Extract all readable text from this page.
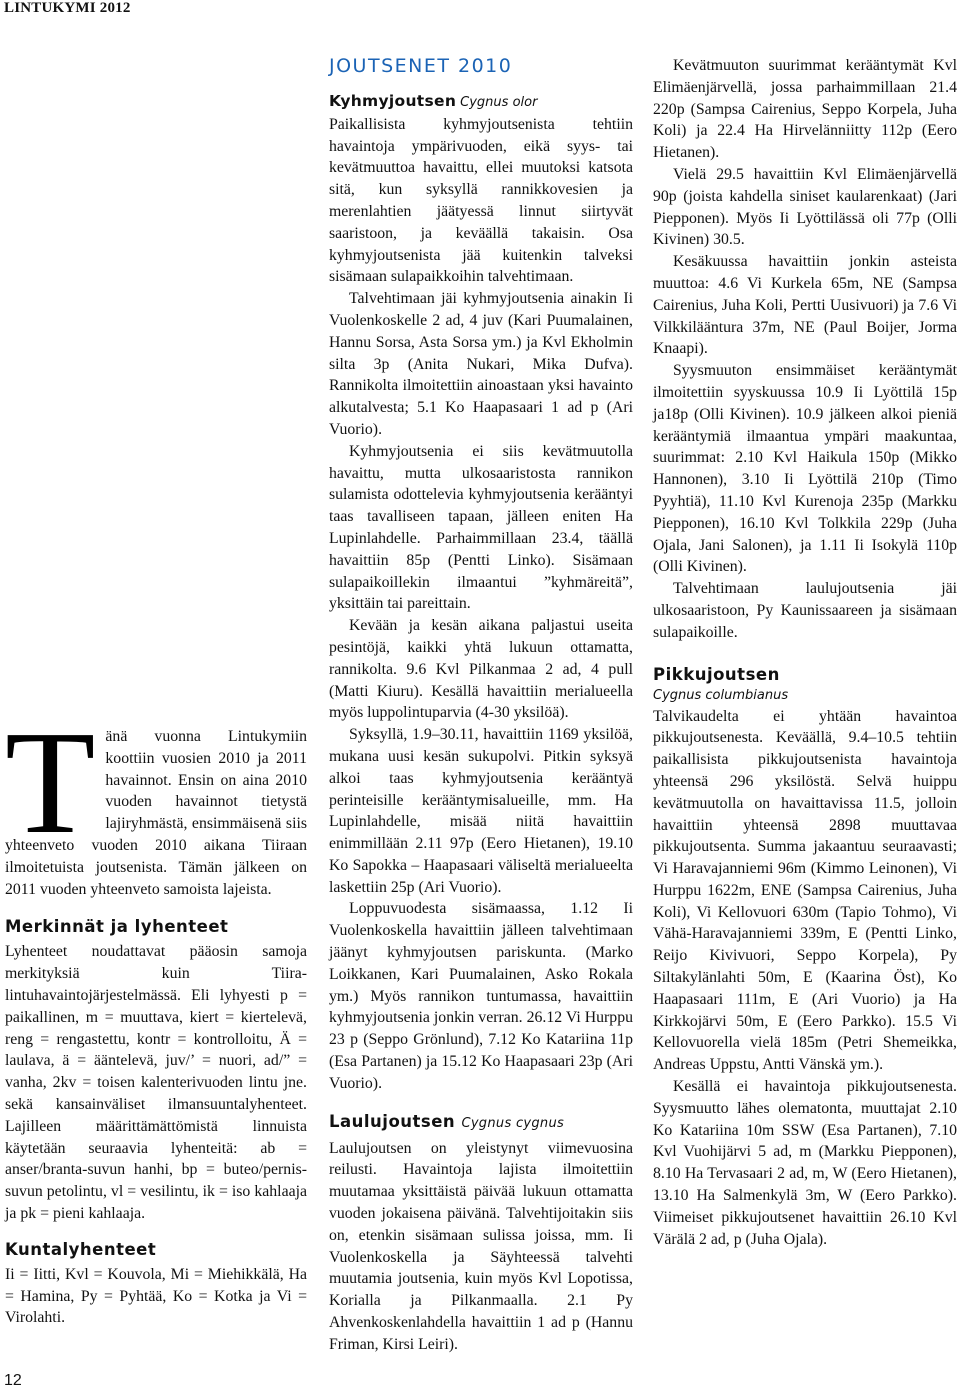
LINTUKYMI 2012
T änä vuonna Lintukymiin koottiin vuosien 2010 ja 2011 havainnot. Ensin on aina 2010 vuoden havainnot tietystä lajiryhmästä, ensimmäisenä siis yhteenveto vuoden 2010 aikana Tiiraan ilmoitetuista joutsenista. Tämän jälkeen on 2011 vuoden yhteenveto samoista lajeista.
Merkinnät ja lyhenteet

Lyhenteet noudattavat pääosin samoja merkityksiä kuin Tiira- lintuhavaintojärjestelmässä. Eli lyhyesti p = paikallinen, m = muuttava, kiert = kiertelevä, reng = rengastettu, kontr = kontrolloitu, Ä = laulava, ä = ääntelevä, juv/’ = nuori, ad/” = vanha, 2kv = toisen kalenterivuoden lintu jne. sekä kansainväliset ilmansuuntalyhenteet. Lajilleen määrittämättömistä linnuista käytetään seuraavia lyhenteitä: ab = anser/branta-suvun hanhi, bp = buteo/pernis-suvun petolintu, vl = vesilintu, ik = iso kahlaaja ja pk = pieni kahlaaja.

Kuntalyhenteet

Ii = Iitti, Kvl = Kouvola, Mi = Miehikkälä, Ha = Hamina, Py = Pyhtää, Ko = Kotka ja Vi = Virolahti.

JOUTSENET 2010

Kyhmyjoutsen Cygnus olor
Paikallisista kyhmyjoutsenista tehtiin havaintoja ympärivuoden, eikä syys- tai kevätmuuttoa havaittu, ellei muutoksi katsota sitä, kun syksyllä rannikkovesien ja merenlahtien jäätyessä linnut siirtyvät saaristoon, ja keväällä takaisin. Osa kyhmyjoutsenista jää kuitenkin talveksi sisämaan sulapaikkoihin talvehtimaan.

Talvehtimaan jäi kyhmyjoutsenia ainakin Ii Vuolenkoskelle 2 ad, 4 juv (Kari Puumalainen, Hannu Sorsa, Asta Sorsa ym.) ja Kvl Ekholmin silta 3p (Anita Nukari, Mika Dufva). Rannikolta ilmoitettiin ainoastaan yksi havainto alkutalvesta; 5.1 Ko Haapasaari 1 ad p (Ari Vuorio).

Kyhmyjoutsenia ei siis kevätmuutolla havaittu, mutta ulkosaaristosta rannikon sulamista odottelevia kyhmyjoutsenia kerääntyi taas tavalliseen tapaan, jälleen eniten Ha Lupinlahdelle. Parhaimmillaan 23.4, täällä havaittiin 85p (Pentti Linko). Sisämaan sulapaikoillekin ilmaantui ”kyhmäreitä”, yksittäin tai pareittain.

Kevään ja kesän aikana paljastui useita pesintöjä, kaikki yhtä lukuun ottamatta, rannikolta. 9.6 Kvl Pilkanmaa 2 ad, 4 pull (Matti Kiuru). Kesällä havaittiin merialueella myös luppolintuparvia (4-30 yksilöä).

Syksyllä, 1.9–30.11, havaittiin 1169 yksilöä, mukana uusi kesän sukupolvi. Pitkin syksyä alkoi taas kyhmyjoutsenia kerääntyä perinteisille kerääntymisalueille, mm. Ha Lupinlahdelle, misää niitä havaittiin enimmillään 2.11 97p (Eero Hietanen), 19.10 Ko Sapokka – Haapasaari väliseltä merialueelta laskettiin 25p (Ari Vuorio).

Loppuvuodesta sisämaassa, 1.12 Ii Vuolenkoskella havaittiin jälleen talvehtimaan jäänyt kyhmyjoutsen pariskunta. (Marko Loikkanen, Kari Puumalainen, Asko Rokala ym.) Myös rannikon tuntumassa, havaittiin kyhmyjoutsenia jonkin verran. 26.12 Vi Hurppu 23 p (Seppo Grönlund), 7.12 Ko Katariina 11p (Esa Partanen) ja 15.12 Ko Haapasaari 23p (Ari Vuorio).

Laulujoutsen Cygnus cygnus

Laulujoutsen on yleistynyt viimevuosina reilusti. Havaintoja lajista ilmoitettiin muutamaa yksittäistä päivää lukuun ottamatta vuoden jokaisena päivänä. Talvehtijoitakin siis on, etenkin sisämaan sulissa joissa, mm. Ii Vuolenkoskella ja Säyhteessä talvehti muutamia joutsenia, kuin myös Kvl Lopotissa, Korialla ja Pilkanmaalla. 2.1 Py Ahvenkoskenlahdella havaittiin 1 ad p (Hannu Friman, Kirsi Leiri).

Kevätmuuton suurimmat kerääntymät Kvl Elimäenjärvellä, jossa parhaimmillaan 21.4 220p (Sampsa Cairenius, Seppo Korpela, Juha Koli) ja 22.4 Ha Hirvelänniitty 112p (Eero Hietanen).

Vielä 29.5 havaittiin Kvl Elimäenjärvellä 90p (joista kahdella siniset kaularenkaat) (Jari Piepponen). Myös Ii Lyöttilässä oli 77p (Olli Kivinen) 30.5.

Kesäkuussa havaittiin jonkin asteista muuttoa: 4.6 Vi Kurkela 65m, NE (Sampsa Cairenius, Juha Koli, Pertti Uusivuori) ja 7.6 Vi Vilkkilääntura 37m, NE (Paul Boijer, Jorma Knaapi).

Syysmuuton ensimmäiset kerääntymät ilmoitettiin syyskuussa 10.9 Ii Lyöttilä 15p ja18p (Olli Kivinen). 10.9 jälkeen alkoi pieniä kerääntymiä ilmaantua ympäri maakuntaa, suurimmat: 2.10 Kvl Haikula 150p (Mikko Hannonen), 3.10 Ii Lyöttilä 210p (Timo Pyyhtiä), 11.10 Kvl Kurenoja 235p (Markku Piepponen), 16.10 Kvl Tolkkila 229p (Juha Ojala, Jani Salonen), ja 1.11 Ii Isokylä 110p (Olli Kivinen).

Talvehtimaan laulujoutsenia jäi ulkosaaristoon, Py Kaunissaareen ja sisämaan sulapaikoille.

Pikkujoutsen

Cygnus columbianus

Talvikaudelta ei yhtään havaintoa pikkujoutsenesta. Keväällä, 9.4–10.5 tehtiin paikallisista pikkujoutsenista havaintoja yhteensä 296 yksilöstä. Selvä huippu kevätmuutolla on havaittavissa 11.5, jolloin havaittiin yhteensä 2898 muuttavaa pikkujoutsenta. Summa jakaantuu seuraavasti; Vi Haravajanniemi 96m (Kimmo Leinonen), Vi Hurppu 1622m, ENE (Sampsa Cairenius, Juha Koli), Vi Kellovuori 630m (Tapio Tohmo), Vi Vähä-Haravajanniemi 339m, E (Pentti Linko, Reijo Kivivuori, Seppo Korpela), Py Siltakylänlahti 50m, E (Kaarina Öst), Ko Haapasaari 111m, E (Ari Vuorio) ja Ha Kirkkojärvi 50m, E (Eero Parkko). 15.5 Vi Kellovuorella vielä 185m (Petri Shemeikka, Andreas Uppstu, Antti Vänskä ym.).

Kesällä ei havaintoja pikkujoutsenesta. Syysmuutto lähes olematonta, muuttajat 2.10 Ko Katariina 10m SSW (Esa Partanen), 7.10 Kvl Vuohijärvi 5 ad, m (Markku Piepponen), 8.10 Ha Tervasaari 2 ad, m, W (Eero Hietanen), 13.10 Ha Salmenkylä 3m, W (Eero Parkko). Viimeiset pikkujoutsenet havaittiin 26.10 Kvl Värälä 2 ad, p (Juha Ojala).

12
